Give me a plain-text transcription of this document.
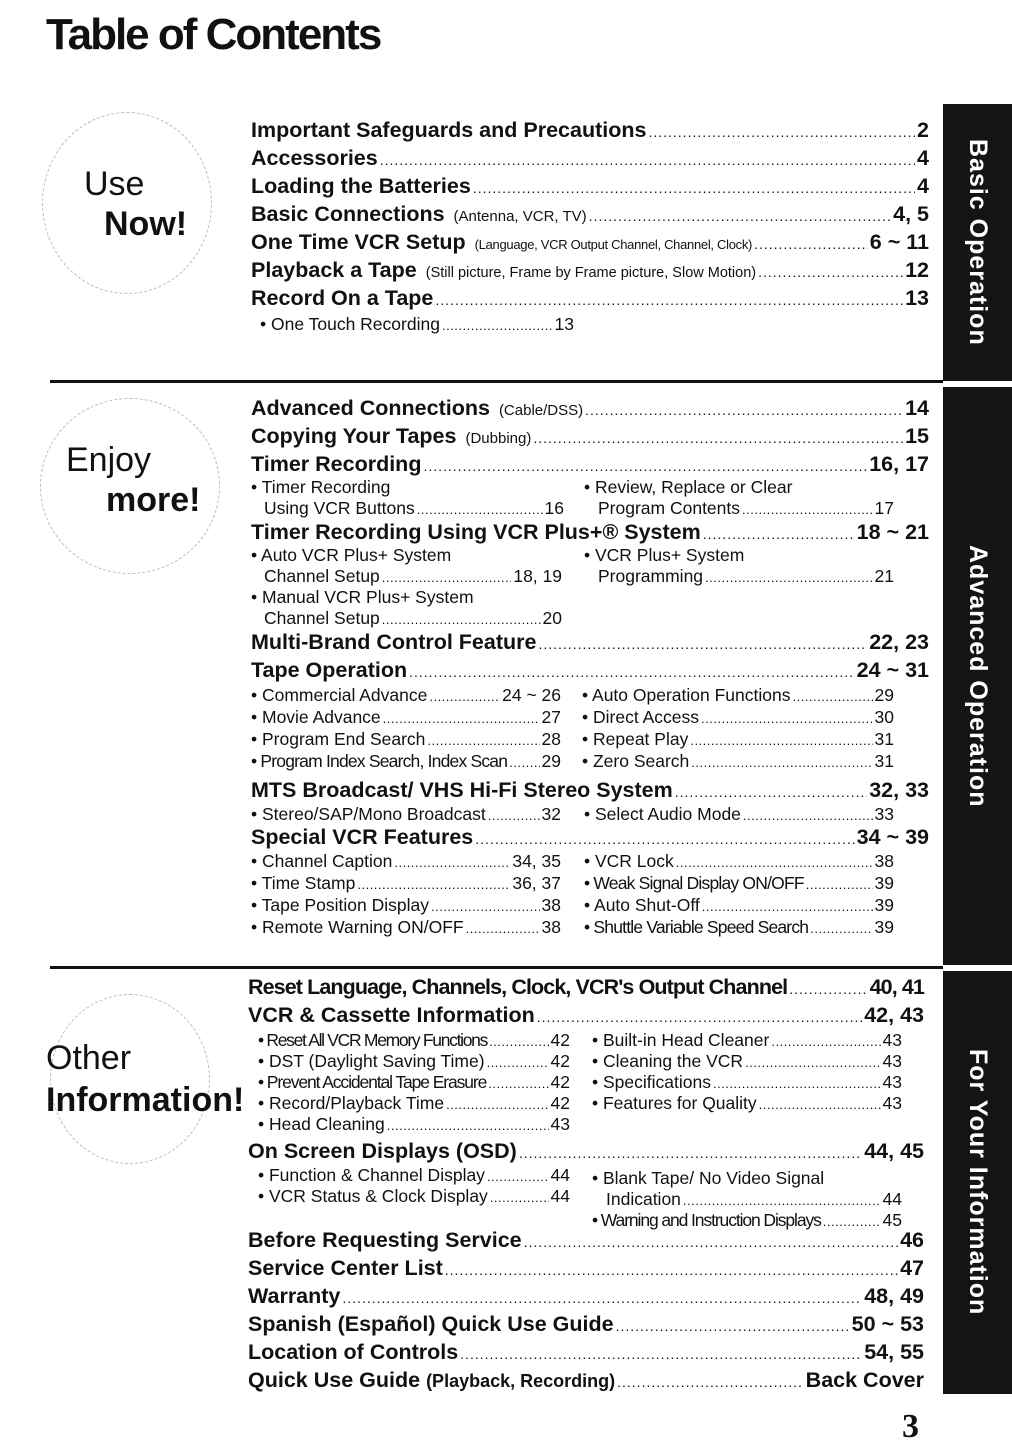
Table of Contents
Basic Operation
Advanced Operation
For Your Information
Use
Now!
Enjoy
more!
Other
Information!
Important Safeguards and Precautions .....	2
Accessories .....	4
Loading the Batteries .....	4
Basic Connections (Antenna, VCR, TV) .....	4, 5
One Time VCR Setup (Language, VCR Output Channel, Channel, Clock) .....	6 ~ 11
Playback a Tape (Still picture, Frame by Frame picture, Slow Motion) .....	12
Record On a Tape .....	13
• One Touch Recording .....	13
Advanced Connections (Cable/DSS) .....	14
Copying Your Tapes (Dubbing) .....	15
Timer Recording .....	16, 17
• Timer Recording
Using VCR Buttons .....	16
• Review, Replace or Clear
Program Contents .....	17
Timer Recording Using VCR Plus+® System .....	18 ~ 21
• Auto VCR Plus+ System
Channel Setup .....	18, 19
• VCR Plus+ System
Programming .....	21
• Manual VCR Plus+ System
Channel Setup .....	20
Multi-Brand Control Feature .....	22, 23
Tape Operation .....	24 ~ 31
• Commercial Advance .....	24 ~ 26
• Movie Advance .....	27
• Program End Search .....	28
• Program Index Search, Index Scan ..... 29
• Auto Operation Functions .....	29
• Direct Access .....	30
• Repeat Play .....	31
• Zero Search .....	31
MTS Broadcast/ VHS Hi-Fi Stereo System .....	32, 33
• Stereo/SAP/Mono Broadcast .....	32 • Select Audio Mode .....	33
Special VCR Features .....	34 ~ 39
• Channel Caption .....	34, 35
• Time Stamp .....	36, 37
• Tape Position Display .....	38
• Remote Warning ON/OFF .....	38
• VCR Lock .....	38
• Weak Signal Display ON/OFF .....	39
• Auto Shut-Off .....	39
• Shuttle Variable Speed Search .....	39
Reset Language, Channels, Clock, VCR's Output Channel .....	40, 41
VCR & Cassette Information .....	42, 43
• Reset All VCR Memory Functions .....	42
• DST (Daylight Saving Time) .....	42
• Prevent Accidental Tape Erasure .....	42
• Record/Playback Time .....	42
• Head Cleaning .....	43
• Built-in Head Cleaner .....	43
• Cleaning the VCR .....	43
• Specifications .....	43
• Features for Quality .....	43
On Screen Displays (OSD) .....	44, 45
• Function & Channel Display .....	44
• VCR Status & Clock Display .....	44
• Blank Tape/ No Video Signal
Indication .....	44
• Warning and Instruction Displays .....	45
Before Requesting Service .....	46
Service Center List .....	47
Warranty .....	48, 49
Spanish (Español) Quick Use Guide .....	50 ~ 53
Location of Controls .....	54, 55
Quick Use Guide (Playback, Recording) .....	Back Cover
3
